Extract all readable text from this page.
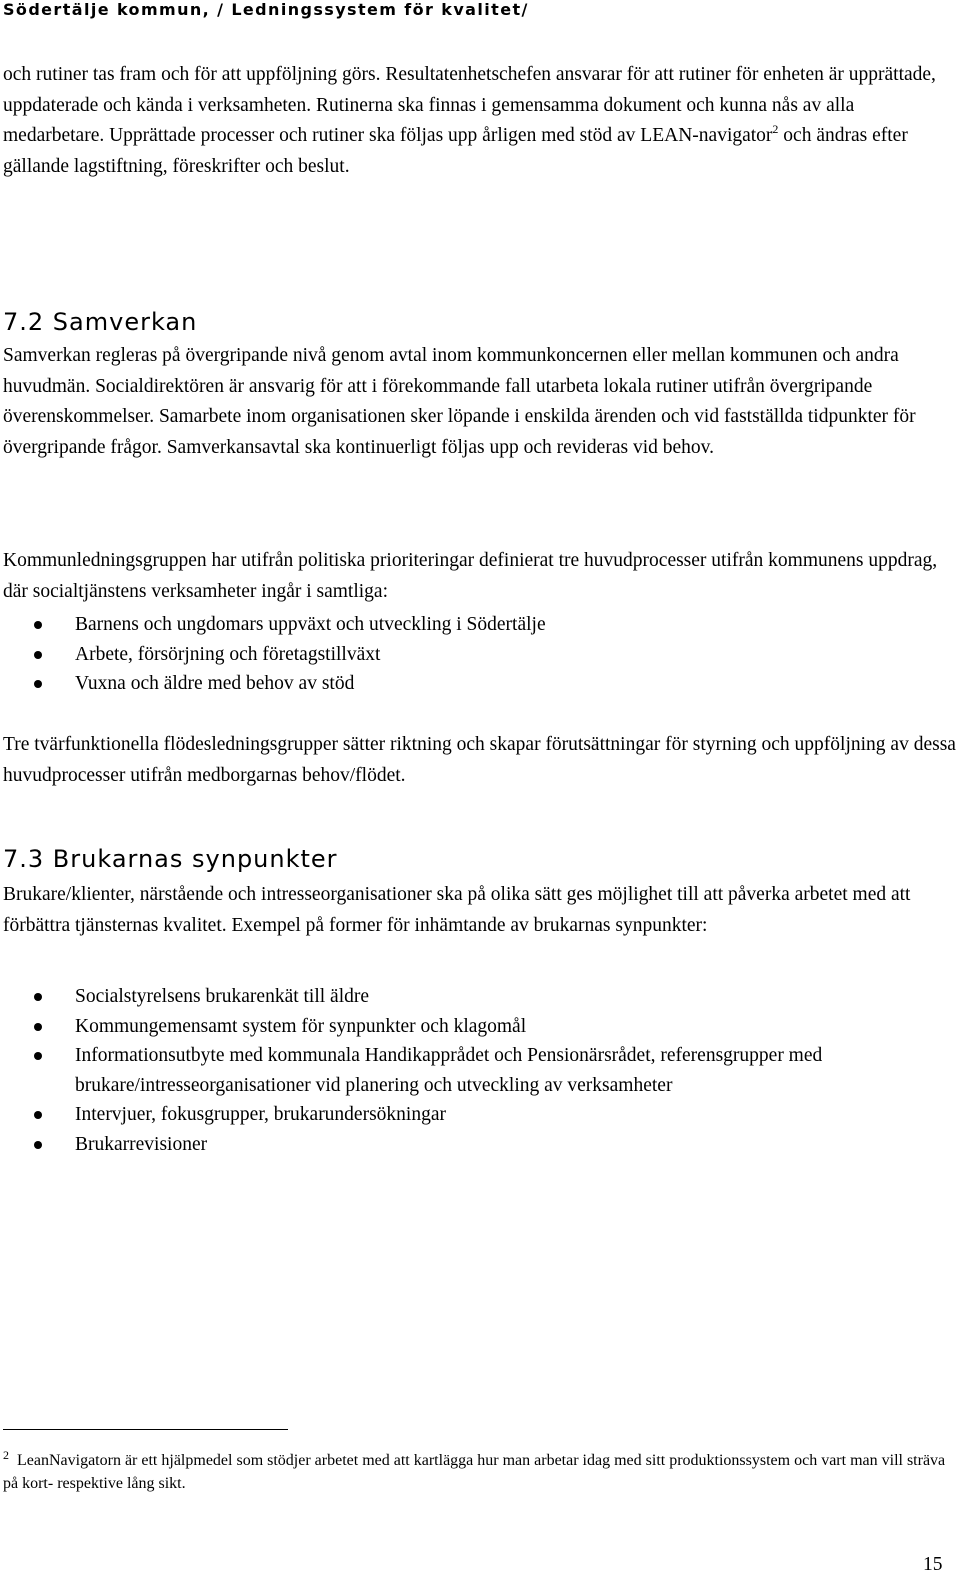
Södertälje kommun, / Ledningssystem för kvalitet/

och rutiner tas fram och för att uppföljning görs. Resultatenhetschefen ansvarar för att rutiner för enheten är upprättade, uppdaterade och kända i verksamheten. Rutinerna ska finnas i gemensamma dokument och kunna nås av alla medarbetare. Upprättade processer och rutiner ska följas upp årligen med stöd av LEAN-navigator$^2$ och ändras efter gällande lagstiftning, föreskrifter och beslut.

7.2 Samverkan

Samverkan regleras på övergripande nivå genom avtal inom kommunkoncernen eller mellan kommunen och andra huvudmän. Socialdirektören är ansvarig för att i förekommande fall utarbeta lokala rutiner utifrån övergripande överenskommelser. Samarbete inom organisationen sker löpande i enskilda ärenden och vid fastställda tidpunkter för övergripande frågor. Samverkansavtal ska kontinuerligt följas upp och revideras vid behov.

Kommunledningsgruppen har utifrån politiska prioriteringar definierat tre huvudprocesser utifrån kommunens uppdrag, där socialtjänstens verksamheter ingår i samtliga:

Barnens och ungdomars uppväxt och utveckling i Södertälje
Arbete, försörjning och företagstillväxt
Vuxna och äldre med behov av stöd

Tre tvärfunktionella flödesledningsgrupper sätter riktning och skapar förutsättningar för styrning och uppföljning av dessa huvudprocesser utifrån medborgarnas behov/flödet.

7.3 Brukarnas synpunkter

Brukare/klienter, närstående och intresseorganisationer ska på olika sätt ges möjlighet till att påverka arbetet med att förbättra tjänsternas kvalitet. Exempel på former för inhämtande av brukarnas synpunkter:

Socialstyrelsens brukarenkät till äldre
Kommungemensamt system för synpunkter och klagomål
Informationsutbyte med kommunala Handikapprådet och Pensionärsrådet, referensgrupper med brukare/intresseorganisationer vid planering och utveckling av verksamheter
Intervjuer, fokusgrupper, brukarundersökningar
Brukarrevisioner

$^2$ LeanNavigatorn är ett hjälpmedel som stödjer arbetet med att kartlägga hur man arbetar idag med sitt produktionssystem och vart man vill sträva på kort- respektive lång sikt.

15
